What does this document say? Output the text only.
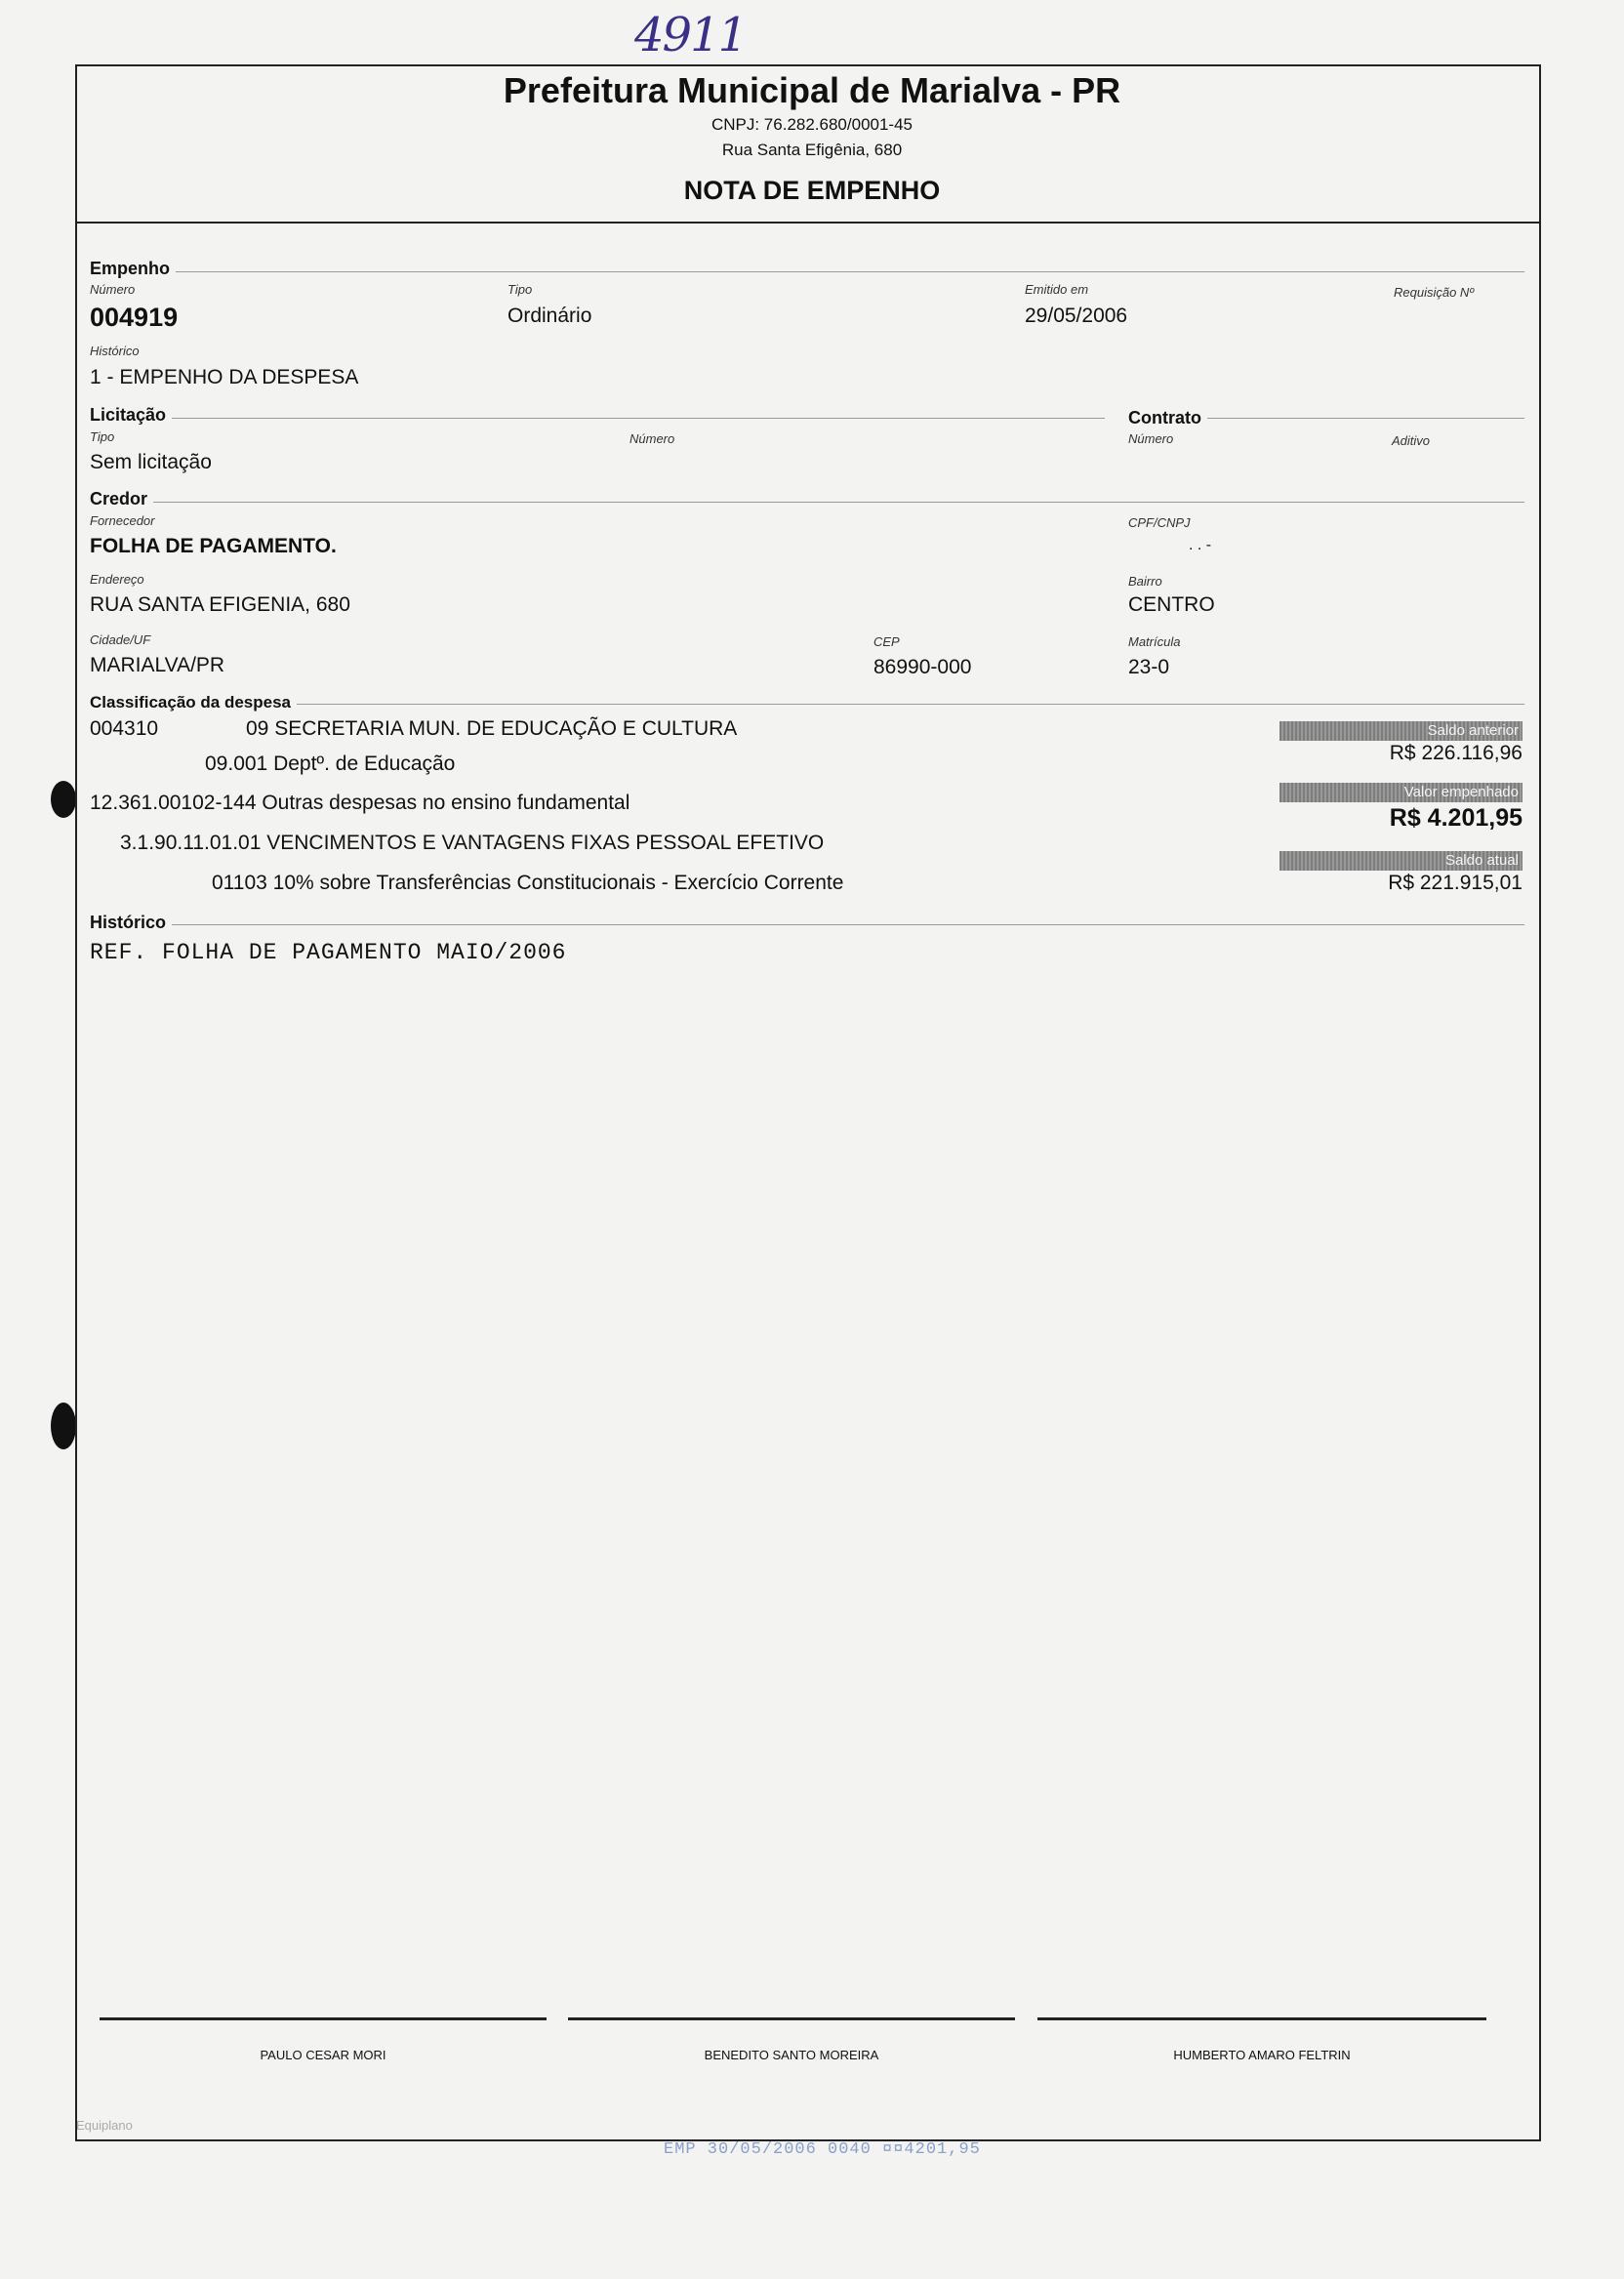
4911
Prefeitura Municipal de Marialva - PR
CNPJ: 76.282.680/0001-45
Rua Santa Efigênia, 680
NOTA DE EMPENHO
Empenho
Número
004919
Tipo
Ordinário
Emitido em
29/05/2006
Requisição Nº
Histórico
1 - EMPENHO DA DESPESA
Licitação
Tipo
Sem licitação
Número
Contrato
Número	Aditivo
Credor
Fornecedor
FOLHA DE PAGAMENTO.
CPF/CNPJ
. . -
Endereço
RUA SANTA EFIGENIA, 680
Bairro
CENTRO
Cidade/UF
MARIALVA/PR
CEP
86990-000
Matrícula
23-0
Classificação da despesa
004310	09 SECRETARIA MUN. DE EDUCAÇÃO E CULTURA
09.001 Deptº. de Educação
12.361.00102-144 Outras despesas no ensino fundamental
3.1.90.11.01.01 VENCIMENTOS E VANTAGENS FIXAS PESSOAL EFETIVO
01103 10% sobre Transferências Constitucionais - Exercício Corrente
Saldo anterior
R$ 226.116,96
Valor empenhado
R$ 4.201,95
Saldo atual
R$ 221.915,01
Histórico
REF. FOLHA DE PAGAMENTO MAIO/2006
PAULO CESAR MORI	BENEDITO SANTO MOREIRA	HUMBERTO AMARO FELTRIN
Equiplano
EMP 30/05/2006 0040 ¤¤4201,95
